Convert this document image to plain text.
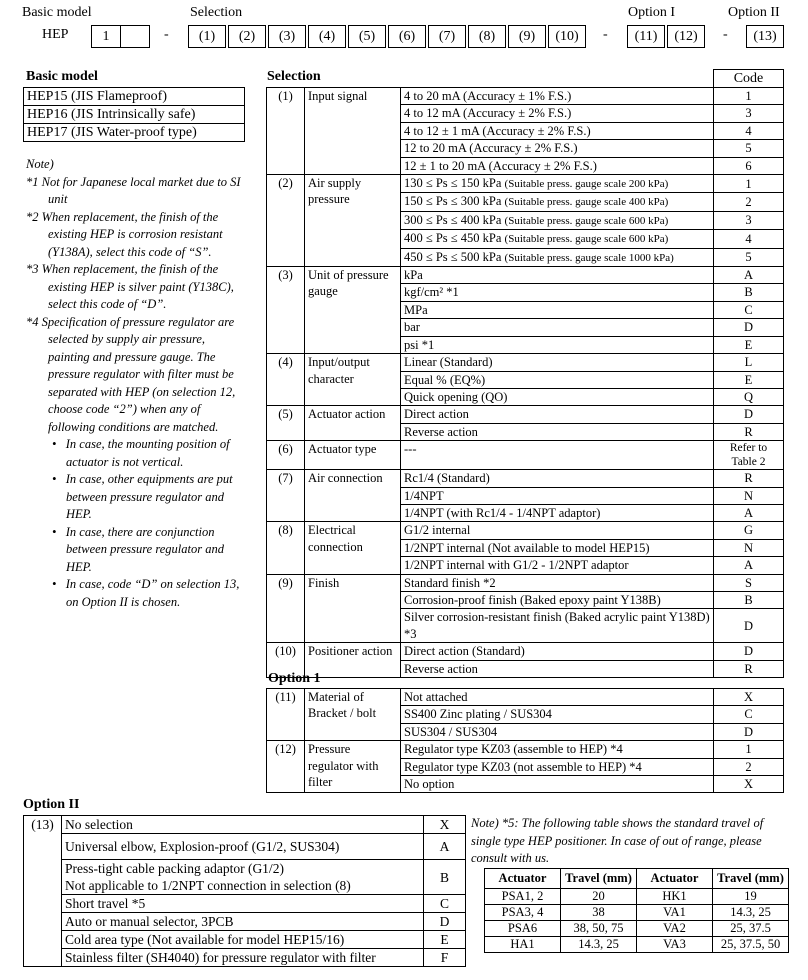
Basic model	Selection	Option I	Option II
HEP	1	-	(1)	(2)	(3)	(4)	(5)	(6)	(7)	(8)	(9)	(10)	-	(11)	(12)	-	(13)
Basic model
HEP15 (JIS Flameproof)
HEP16 (JIS Intrinsically safe)
HEP17 (JIS Water-proof type)

Note)

*1 Not for Japanese local market due to SI unit

*2 When replacement, the finish of the existing HEP is corrosion resistant (Y138A), select this code of “S”.

*3 When replacement, the finish of the existing HEP is silver paint (Y138C), select this code of “D”.

*4 Specification of pressure regulator are selected by supply air pressure, painting and pressure gauge. The pressure regulator with filter must be separated with HEP (on selection 12, choose code “2”) when any of following conditions are matched.

•   In case, the mounting position of actuator is not vertical.

•   In case, other equipments are put between pressure regulator and HEP.

•   In case, there are conjunction between pressure regulator and HEP.

•   In case, code “D” on selection 13, on Option II is chosen.

Selection	Code
(1)	Input signal	4 to 20 mA (Accuracy ± 1% F.S.)	1
		4 to 12 mA (Accuracy ± 2% F.S.)	3
		4 to 12 ± 1 mA (Accuracy ± 2% F.S.)	4
		12 to 20 mA (Accuracy ± 2% F.S.)	5
		12 ± 1 to 20 mA (Accuracy ± 2% F.S.)	6
(2)	Air supply pressure	130 ≤ Ps ≤ 150 kPa (Suitable press. gauge scale 200 kPa)	1
		150 ≤ Ps ≤ 300 kPa (Suitable press. gauge scale 400 kPa)	2
		300 ≤ Ps ≤ 400 kPa (Suitable press. gauge scale 600 kPa)	3
		400 ≤ Ps ≤ 450 kPa (Suitable press. gauge scale 600 kPa)	4
		450 ≤ Ps ≤ 500 kPa (Suitable press. gauge scale 1000 kPa)	5
(3)	Unit of pressure gauge	kPa	A
		kgf/cm² *1	B
		MPa	C
		bar	D
		psi *1	E
(4)	Input/output character	Linear (Standard)	L
		Equal % (EQ%)	E
		Quick opening (QO)	Q
(5)	Actuator action	Direct action	D
		Reverse action	R
(6)	Actuator type	---	Refer to Table 2
(7)	Air connection	Rc1/4 (Standard)	R
		1/4NPT	N
		1/4NPT (with Rc1/4 - 1/4NPT adaptor)	A
(8)	Electrical connection	G1/2 internal	G
		1/2NPT internal (Not available to model HEP15)	N
		1/2NPT internal with G1/2 - 1/2NPT adaptor	A
(9)	Finish	Standard finish *2	S
		Corrosion-proof finish (Baked epoxy paint Y138B)	B
		Silver corrosion-resistant finish (Baked acrylic paint Y138D) *3	D
(10)	Positioner action	Direct action (Standard)	D
		Reverse action	R
Option 1
(11)	Material of Bracket / bolt	Not attached	X
		SS400 Zinc plating / SUS304	C
		SUS304 / SUS304	D
(12)	Pressure regulator with filter	Regulator type KZ03 (assemble to HEP) *4	1
		Regulator type KZ03 (not assemble to HEP) *4	2
		No option	X
Option II
(13)	No selection	X

	Universal elbow, Explosion-proof (G1/2, SUS304)	A

	Press-tight cable packing adaptor (G1/2)
Not applicable to 1/2NPT connection in selection (8)	B

	Short travel *5	C

	Auto or manual selector, 3PCB	D

	Cold area type (Not available for model HEP15/16)	E

	Stainless filter (SH4040) for pressure regulator with filter	F
Note) *5: The following table shows the standard travel of single type HEP positioner. In case of out of range, please consult with us.
Actuator	Travel (mm)	Actuator	Travel (mm)
PSA1, 2	20	HK1	19
PSA3, 4	38	VA1	14.3, 25
PSA6	38, 50, 75	VA2	25, 37.5
HA1	14.3, 25	VA3	25, 37.5, 50
